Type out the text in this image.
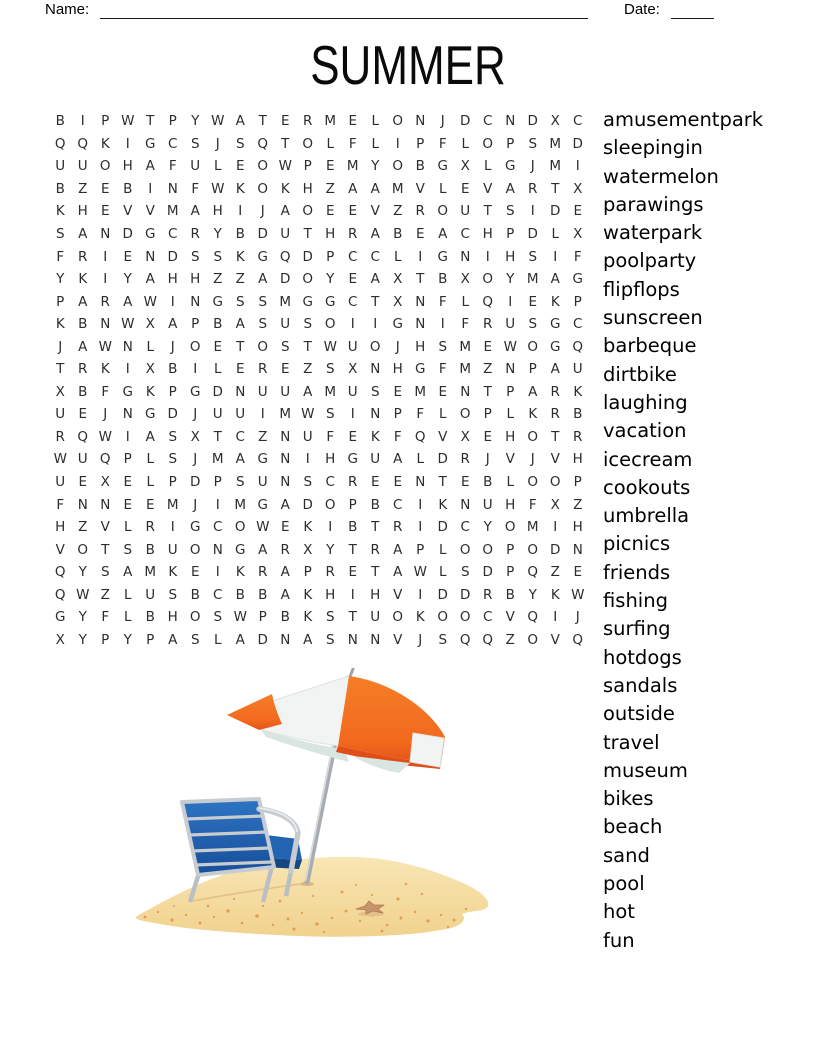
Name:	Date:
SUMMER
B	I	P W T	P	Y W A	T	E	R M E	L O N	J	D C N D X C
Q Q K	I	G C S	J	S Q T O L	F	L	I	P	F	L O P	S M D
U U O H A	F	U	L	E O W P	E M Y O B G X	L	G	J	M	I
B Z	E	B	I	N	F W K O K H Z A A M V	L	E	V A R	T	X
K H E	V V M A H	I	J	A O E	E	V Z R O U T	S	I	D E
S	A N D G C R	Y	B D U T H R A B	E	A C H P D	L	X
F	R	I	E N D S	S	K G Q D P	C C	L	I	G N	I	H S	I	F
Y	K	I	Y	A H H Z Z A D O Y	E	A X	T	B X O Y M A G
P	A R A W	I	N G S	S M G G C	T	X N	F	L Q	I	E	K	P
K B N W X A	P	B A	S U S O	I	I	G N	I	F	R U S G C
J	A W N	L	J	O E	T O S	T W U O	J	H S M E W O G Q
T	R K	I	X B	I	L	E	R	E	Z	S	X N H G F M Z N P	A U
X B	F G K	P G D N U U A M U S	E M E N T	P	A R K
U E	J	N G D	J	U U	I	M W S	I	N P	F	L O P	L	K R B
R Q W	I	A	S	X	T	C Z N U	F	E	K	F Q V X	E H O T	R
W U Q P	L	S	J	M A G N	I	H G U A	L	D R	J	V	J	V H
U E	X	E	L	P D P	S U N S	C R	E	E N T	E	B	L O O P
F	N N E	E M	J	I	M G A D O P	B C	I	K N U H	F	X Z
H Z V	L	R	I	G C O W E	K	I	B	T	R	I	D C	Y O M	I	H
V O T	S	B U O N G A R X	Y	T	R A	P	L O O P O D N
Q Y	S	A M K	E	I	K R A	P	R	E	T	A W L	S D P Q Z	E
Q W Z	L	U S	B C B B A K H	I	H V	I	D D R B	Y	K W
G Y	F	L	B H O S W P	B K	S	T U O K O O C V Q	I	J
X	Y	P	Y	P	A	S	L	A D N A	S N N V	J	S Q Q Z O V Q
amusementpark
sleepingin
watermelon
parawings
waterpark
poolparty
flipflops
sunscreen
barbeque
dirtbike
laughing
vacation
icecream
cookouts
umbrella
picnics
friends
fishing
surfing
hotdogs
sandals
outside
travel
museum
bikes
beach
sand
pool
hot
fun
